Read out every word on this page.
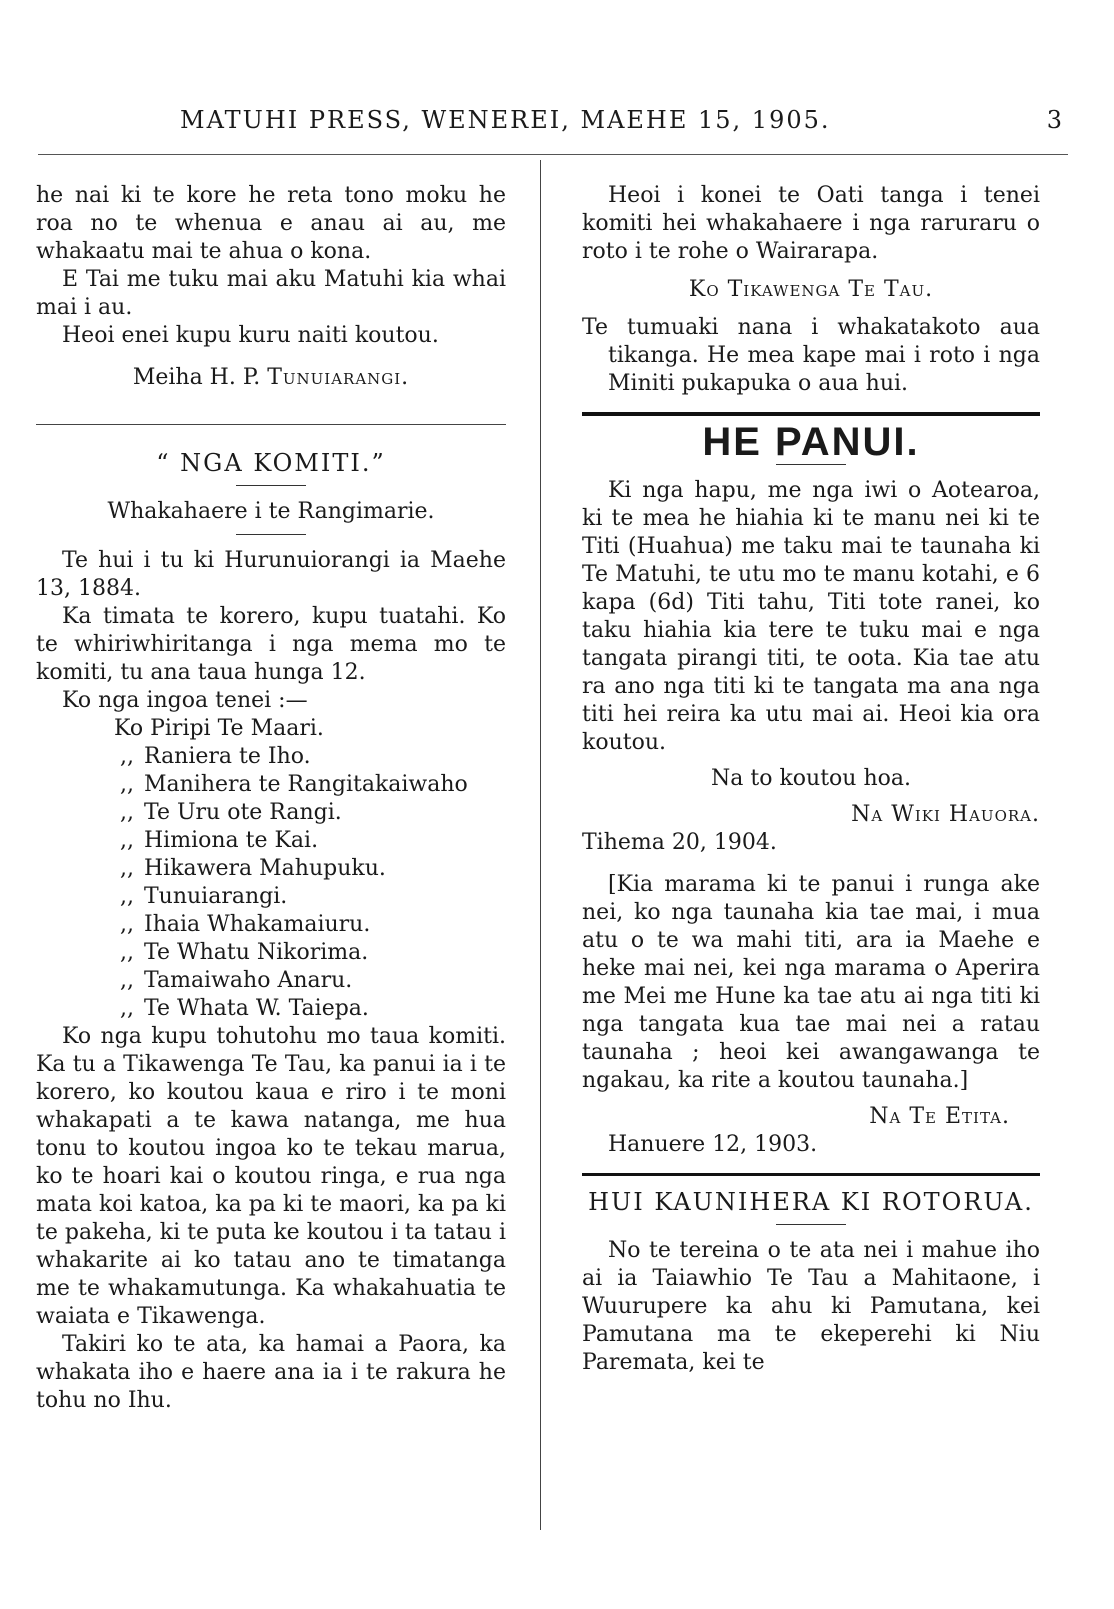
MATUHI PRESS, WENEREI, MAEHE 15, 1905.	3

he nai ki te kore he reta tono moku he roa no te whenua e anau ai au, me whakaatu mai te ahua o kona.

E Tai me tuku mai aku Matuhi kia whai mai i au.

Heoi enei kupu kuru naiti koutou.

Meiha H. P. Tunuiarangi.

“ NGA KOMITI.”

Whakahaere i te Rangimarie.

Te hui i tu ki Hurunuiorangi ia Maehe 13, 1884.

Ka timata te korero, kupu tuatahi. Ko te whiriwhiritanga i nga mema mo te komiti, tu ana taua hunga 12.

Ko nga ingoa tenei :—

Ko Piripi Te Maari.
,, Raniera te Iho.
,, Manihera te Rangitakaiwaho
,, Te Uru ote Rangi.
,, Himiona te Kai.
,, Hikawera Mahupuku.
,, Tunuiarangi.
,, Ihaia Whakamaiuru.
,, Te Whatu Nikorima.
,, Tamaiwaho Anaru.
,, Te Whata W. Taiepa.

Ko nga kupu tohutohu mo taua komiti. Ka tu a Tikawenga Te Tau, ka panui ia i te korero, ko koutou kaua e riro i te moni whakapati a te kawa natanga, me hua tonu to koutou ingoa ko te tekau marua, ko te hoari kai o koutou ringa, e rua nga mata koi katoa, ka pa ki te maori, ka pa ki te pakeha, ki te puta ke koutou i ta tatau i whakarite ai ko tatau ano te timatanga me te whakamutunga. Ka whakahuatia te waiata e Tikawenga.

Takiri ko te ata, ka hamai a Paora, ka whakata iho e haere ana ia i te rakura he tohu no Ihu.

Heoi i konei te Oati tanga i tenei komiti hei whakahaere i nga raruraru o roto i te rohe o Wairarapa.

Ko Tikawenga Te Tau.

Te tumuaki nana i whakatakoto aua tikanga. He mea kape mai i roto i nga Miniti pukapuka o aua hui.

HE PANUI.

Ki nga hapu, me nga iwi o Aotearoa, ki te mea he hiahia ki te manu nei ki te Titi (Huahua) me taku mai te taunaha ki Te Matuhi, te utu mo te manu kotahi, e 6 kapa (6d) Titi tahu, Titi tote ranei, ko taku hiahia kia tere te tuku mai e nga tangata pirangi titi, te oota. Kia tae atu ra ano nga titi ki te tangata ma ana nga titi hei reira ka utu mai ai. Heoi kia ora koutou.

Na to koutou hoa.

Na Wiki Hauora.

Tihema 20, 1904.

[Kia marama ki te panui i runga ake nei, ko nga taunaha kia tae mai, i mua atu o te wa mahi titi, ara ia Maehe e heke mai nei, kei nga marama o Aperira me Mei me Hune ka tae atu ai nga titi ki nga tangata kua tae mai nei a ratau taunaha ; heoi kei awangawanga te ngakau, ka rite a koutou taunaha.]

Na Te Etita.

Hanuere 12, 1903.

HUI KAUNIHERA KI ROTORUA.

No te tereina o te ata nei i mahue iho ai ia Taiawhio Te Tau a Mahitaone, i Wuurupere ka ahu ki Pamutana, kei Pamutana ma te ekeperehi ki Niu Paremata, kei te
